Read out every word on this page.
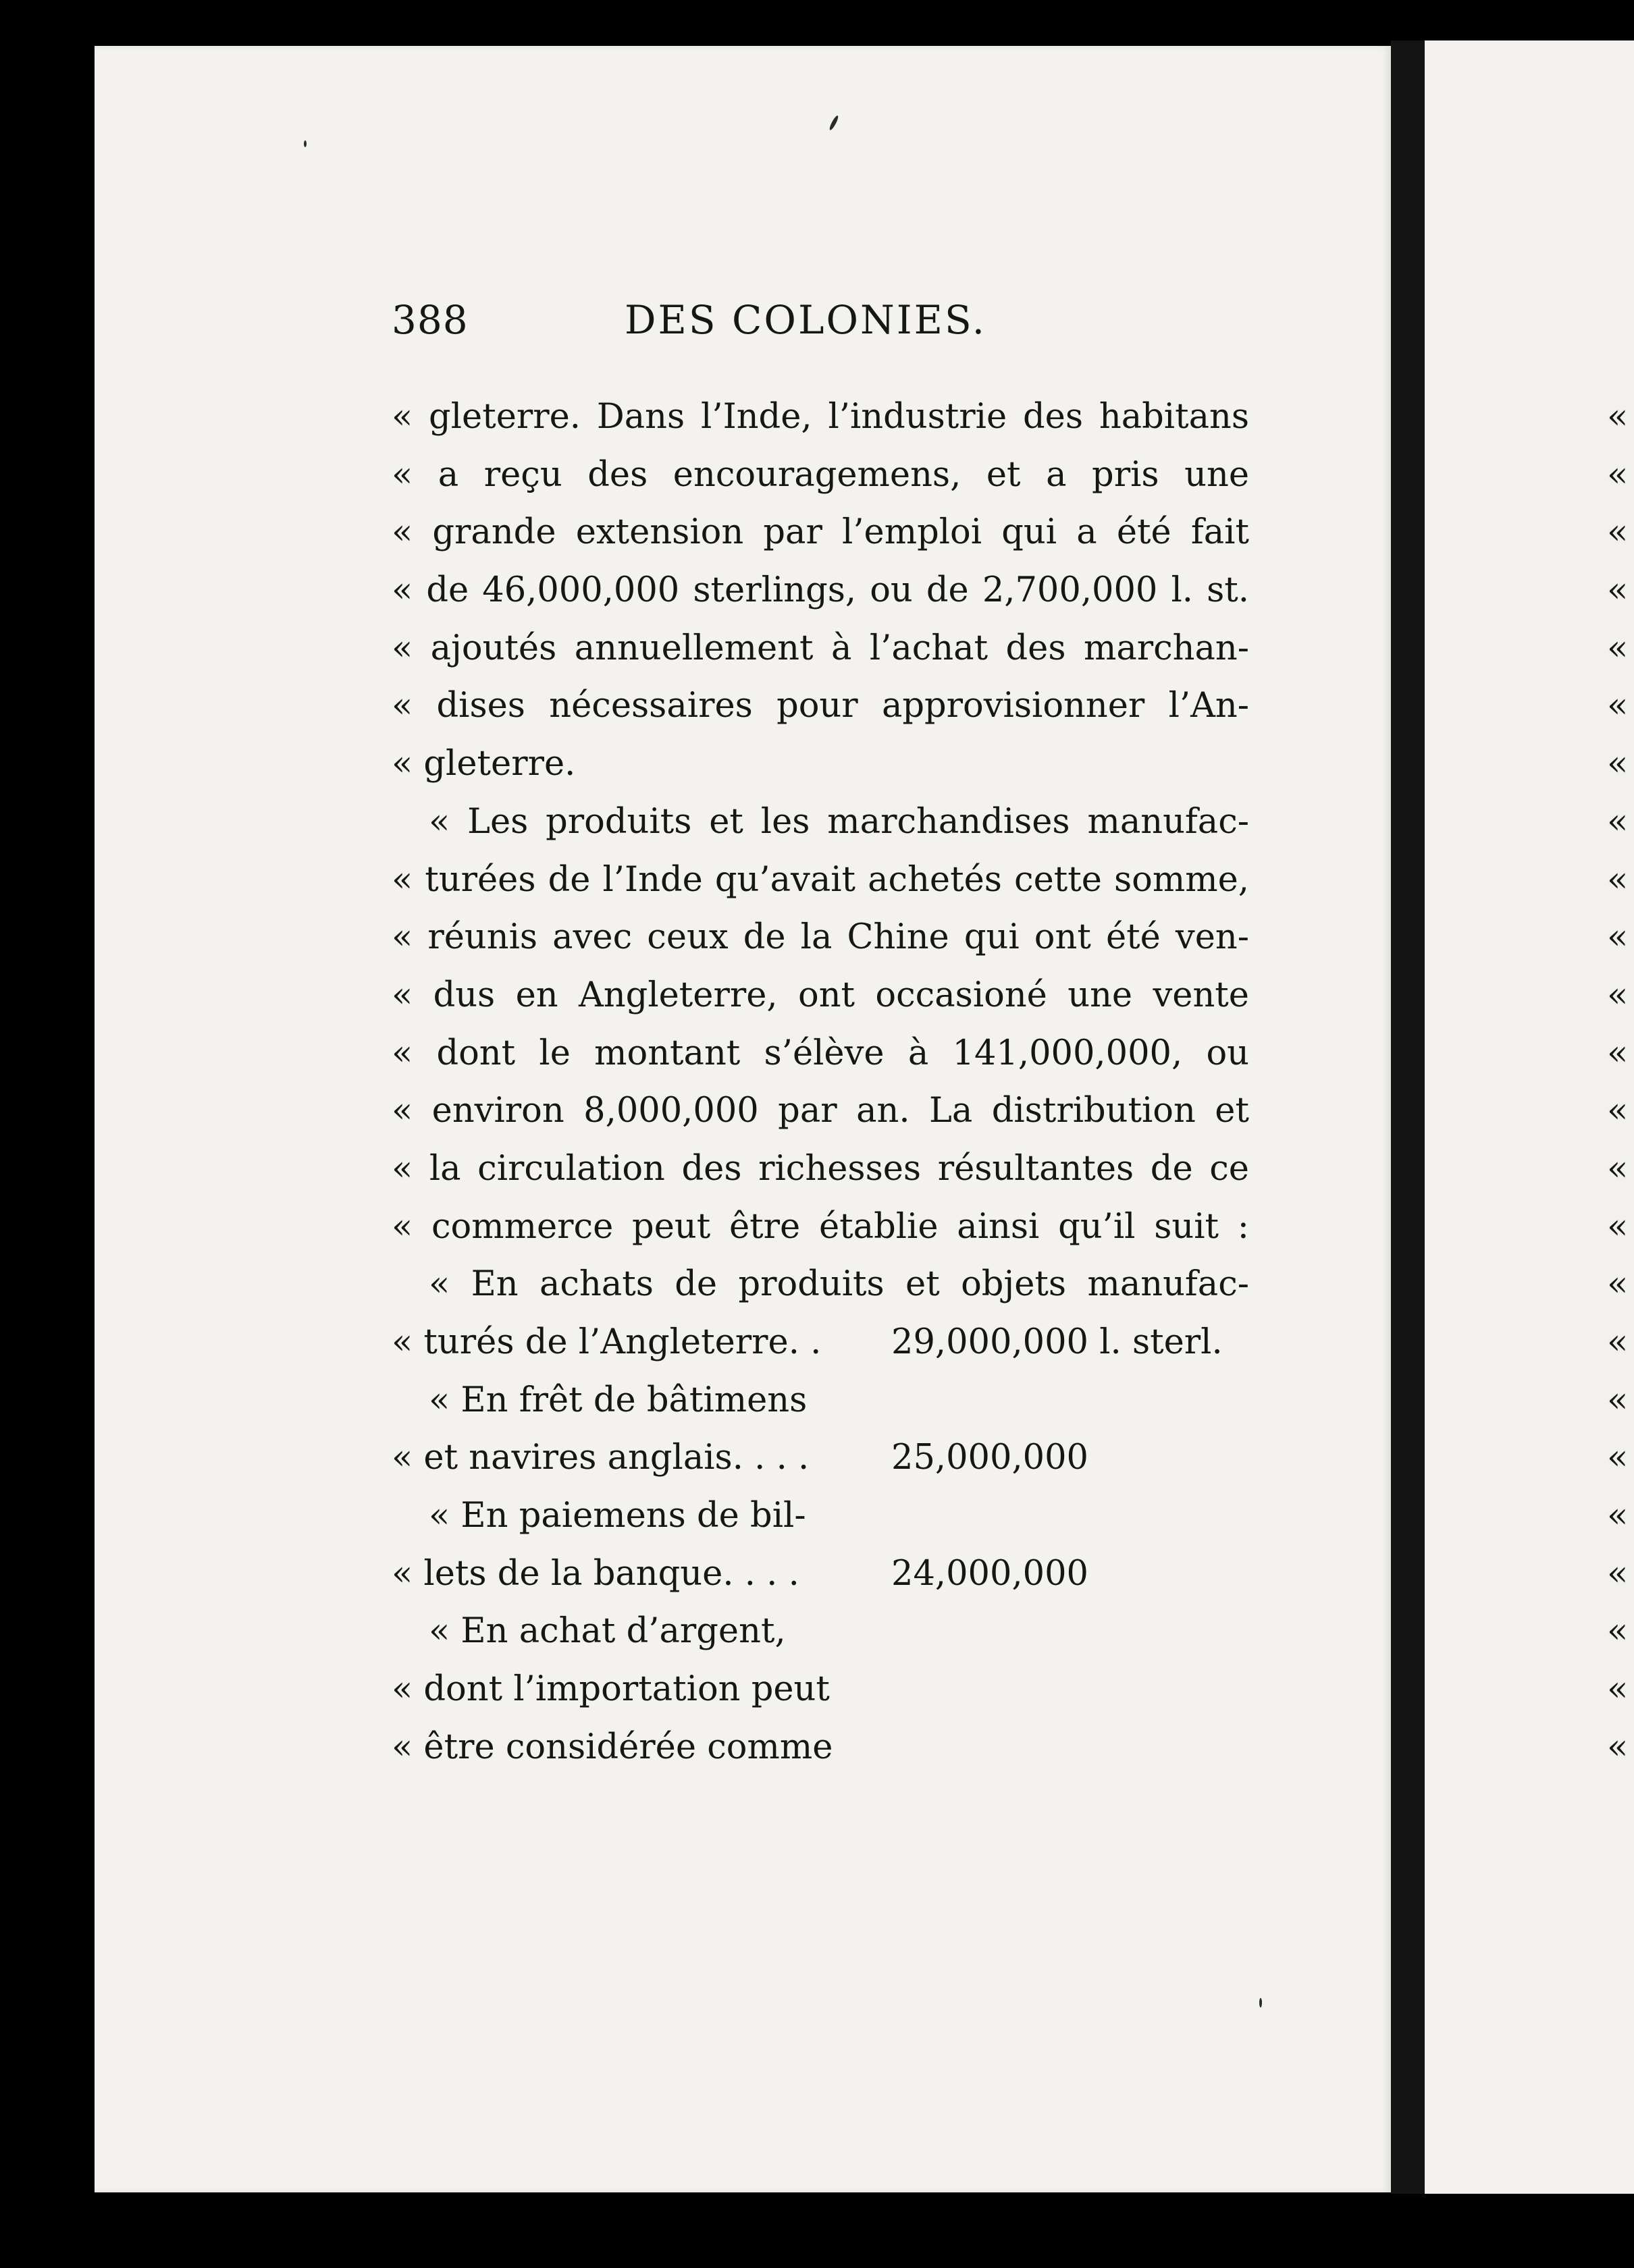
388	DES COLONIES.
« gleterre. Dans l’Inde, l’industrie des habitans
« a reçu des encouragemens, et a pris une
« grande extension par l’emploi qui a été fait
« de 46,000,000 sterlings, ou de 2,700,000 l. st.
« ajoutés annuellement à l’achat des marchan-
« dises nécessaires pour approvisionner l’An-
« gleterre.
« Les produits et les marchandises manufac-
« turées de l’Inde qu’avait achetés cette somme,
« réunis avec ceux de la Chine qui ont été ven-
« dus en Angleterre, ont occasioné une vente
« dont le montant s’élève à 141,000,000, ou
« environ 8,000,000 par an. La distribution et
« la circulation des richesses résultantes de ce
« commerce peut être établie ainsi qu’il suit :
« En achats de produits et objets manufac-
« turés de l’Angleterre. . 29,000,000 l. sterl.
« En frêt de bâtimens
« et navires anglais. . . . 25,000,000
« En paiemens de bil-
« lets de la banque. . . .	24,000,000
« En achat d’argent,
« dont l’importation peut
« être considérée comme
«
«
«
«
«
«
«
«
«
«
«
«
«
«
«
«
«
«
«
«
«
«
«
«
